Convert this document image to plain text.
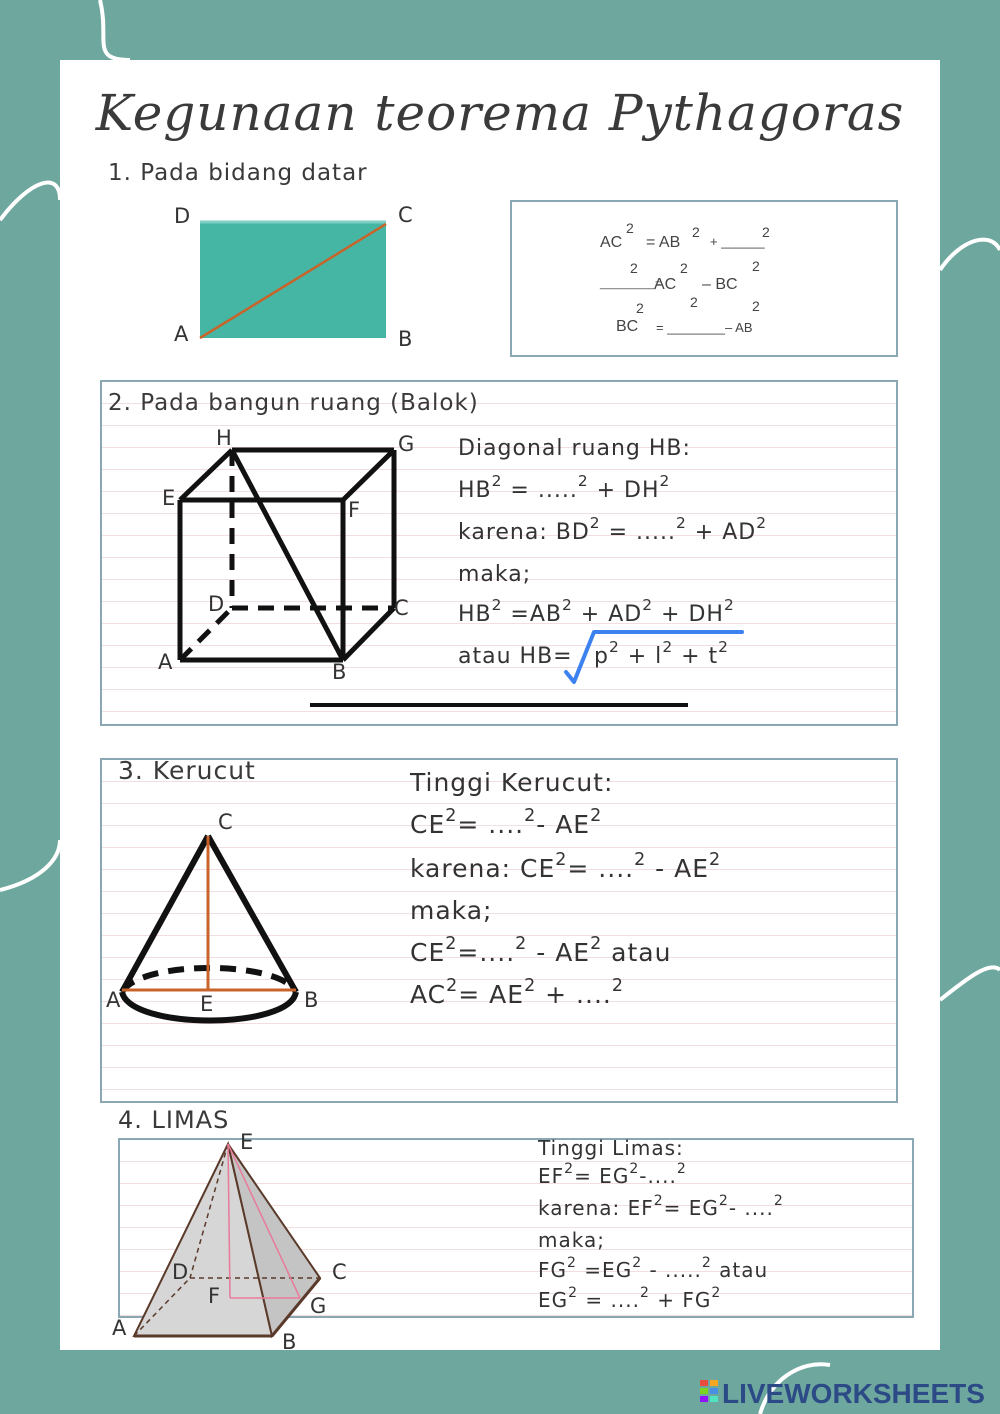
Kegunaan teorema Pythagoras
1. Pada bidang datar
D	C
A	B
AC
2
= AB
2
+ ______
2
_________=
2
AC
2
– BC
2
2	2	2
BC = ________– AB
2. Pada bangun ruang (Balok)
H	G
E	F
D	C
A	B
Diagonal ruang HB:
$HB^2 = .....^2 + DH^2$
karena: $BD^2 = .....^2 + AD^2$
maka;
$HB^2 =AB^2 + AD^2 + DH^2$
atau $HB= p^2 + l^2 + t^2$
3. Kerucut
C
A	E	B
Tinggi Kerucut:
$CE^2= ....^2-$ $AE^2$
karena: $CE^2= ....^2 - AE^2$
maka;
$CE^2=....^2 - AE^2$ atau
$AC^2= AE^2 + ....^2$
4. LIMAS
E
D	C
F	G
A
B
Tinggi Limas:
$EF^2= EG^2-....^2$
karena: $EF^2= EG^2-$ ....$^2$
maka;
$FG^2 =EG^2 - .....^2$ atau
$EG^2 = ....^2 + FG^2$
LIVEWORKSHEETS
